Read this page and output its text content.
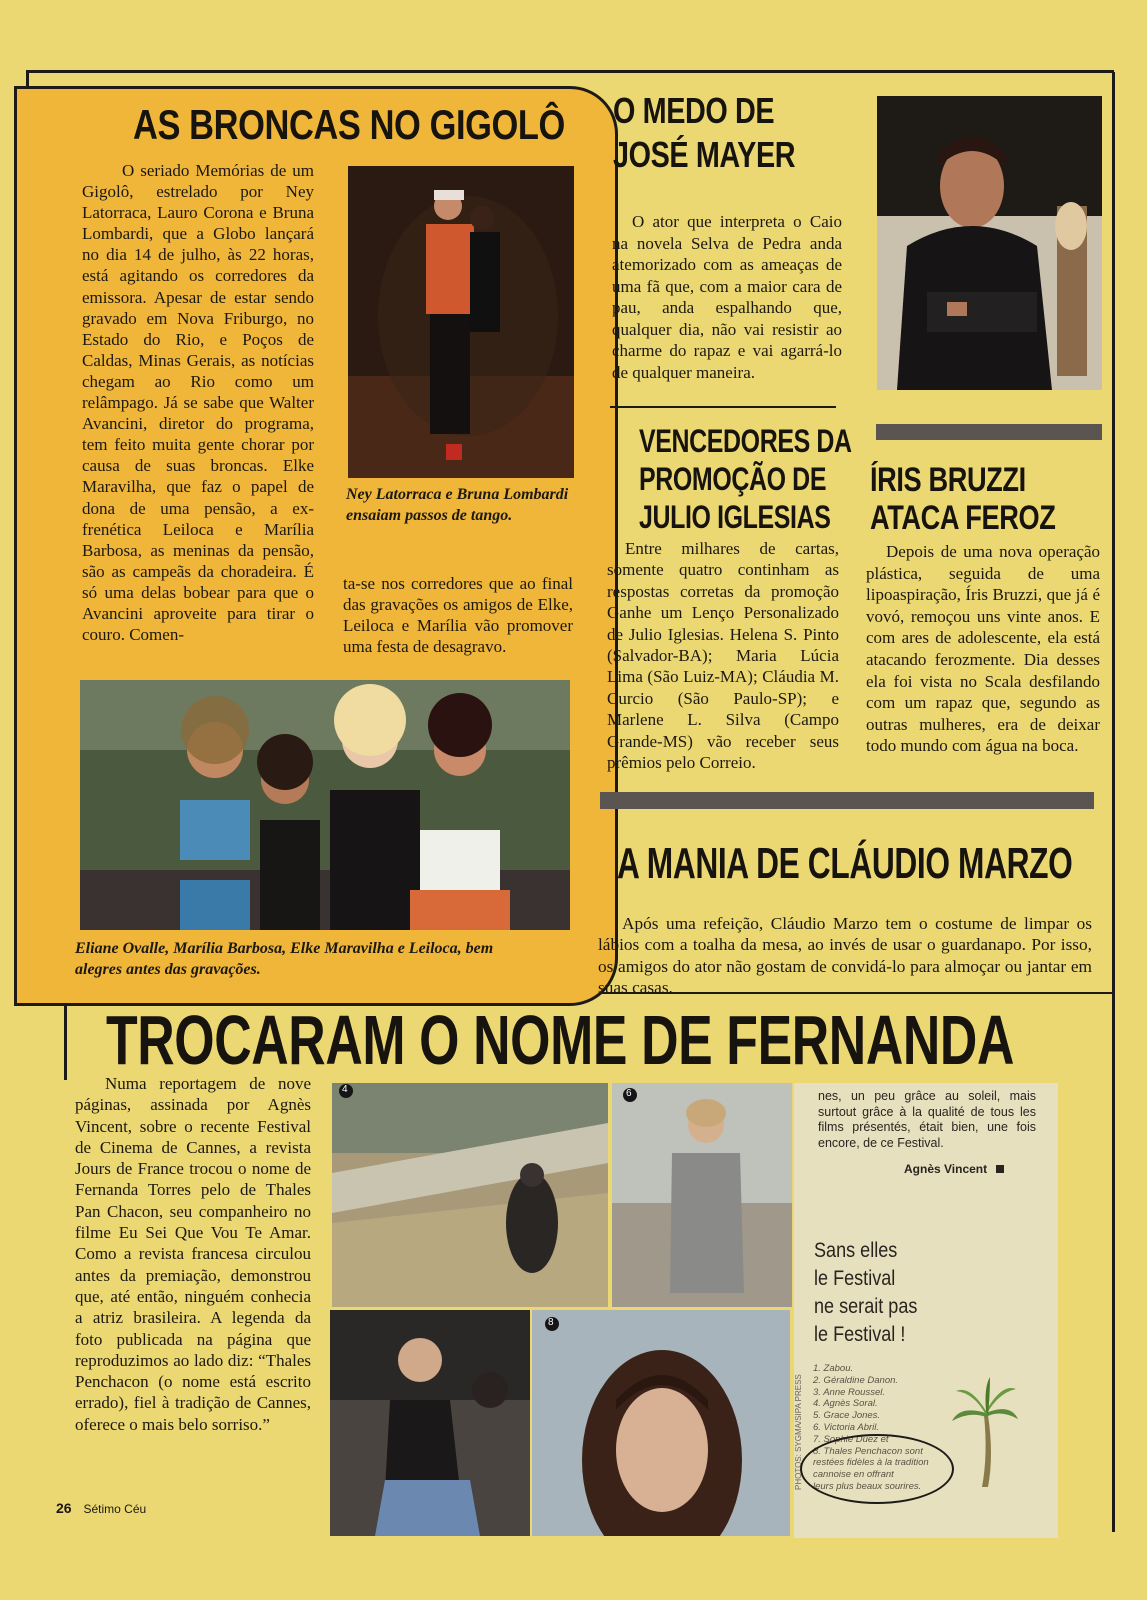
AS BRONCAS NO GIGOLÔ

O seriado Memórias de um Gigolô, estrelado por Ney Latorraca, Lauro Corona e Bruna Lombardi, que a Globo lançará no dia 14 de julho, às 22 horas, está agitando os corredores da emissora. Apesar de estar sendo gravado em Nova Friburgo, no Estado do Rio, e Poços de Caldas, Minas Gerais, as notícias chegam ao Rio como um relâmpago. Já se sabe que Walter Avancini, diretor do programa, tem feito muita gente chorar por causa de suas broncas. Elke Maravilha, que faz o papel de dona de uma pensão, a ex-frenética Leiloca e Marília Barbosa, as meninas da pensão, são as campeãs da choradeira. É só uma delas bobear para que o Avancini aproveite para tirar o couro. Comen-

Ney Latorraca e Bruna Lombardi ensaiam passos de tango.

ta-se nos corredores que ao final das gravações os amigos de Elke, Leiloca e Marília vão promover uma festa de desagravo.

Eliane Ovalle, Marília Barbosa, Elke Maravilha e Leiloca, bem alegres antes das gravações.

O MEDO DE
JOSÉ MAYER

O ator que interpreta o Caio na novela Selva de Pedra anda atemorizado com as ameaças de uma fã que, com a maior cara de pau, anda espalhando que, qualquer dia, não vai resistir ao charme do rapaz e vai agarrá-lo de qualquer maneira.

VENCEDORES DA
PROMOÇÃO DE
JULIO IGLESIAS

Entre milhares de cartas, somente quatro continham as respostas corretas da promoção Ganhe um Lenço Personalizado de Julio Iglesias. Helena S. Pinto (Salvador-BA); Maria Lúcia Lima (São Luiz-MA); Cláudia M. Curcio (São Paulo-SP); e Marlene L. Silva (Campo Grande-MS) vão receber seus prêmios pelo Correio.

ÍRIS BRUZZI
ATACA FEROZ

Depois de uma nova operação plástica, seguida de uma lipoaspiração, Íris Bruzzi, que já é vovó, remoçou uns vinte anos. E com ares de adolescente, ela está atacando ferozmente. Dia desses ela foi vista no Scala desfilando com um rapaz que, segundo as outras mulheres, era de deixar todo mundo com água na boca.

A MANIA DE CLÁUDIO MARZO

Após uma refeição, Cláudio Marzo tem o costume de limpar os lábios com a toalha da mesa, ao invés de usar o guardanapo. Por isso, os amigos do ator não gostam de convidá-lo para almoçar ou jantar em suas casas.

TROCARAM O NOME DE FERNANDA

Numa reportagem de nove páginas, assinada por Agnès Vincent, sobre o recente Festival de Cinema de Cannes, a revista Jours de France trocou o nome de Fernanda Torres pelo de Thales Pan Chacon, seu companheiro no filme Eu Sei Que Vou Te Amar. Como a revista francesa circulou antes da premiação, demonstrou que, até então, ninguém conhecia a atriz brasileira. A legenda da foto publicada na página que reproduzimos ao lado diz: “Thales Penchacon (o nome está escrito errado), fiel à tradição de Cannes, oferece o mais belo sorriso.”

4	6
8

nes, un peu grâce au soleil, mais surtout grâce à la qualité de tous les films présentés, était bien, une fois encore, de ce Festival.

Agnès Vincent
Sans elles
le Festival
ne serait pas
le Festival !
PHOTOS: SYGMA/SIPA PRESS
1. Zabou.
2. Géraldine Danon.
3. Anne Roussel.
4. Agnès Soral.
5. Grace Jones.
6. Victoria Abril.
7. Sophie Duez et
8. Thales Penchacon sont
restées fidèles à la tradition
cannoise en offrant
leurs plus beaux sourires.
26 Sétimo Céu
